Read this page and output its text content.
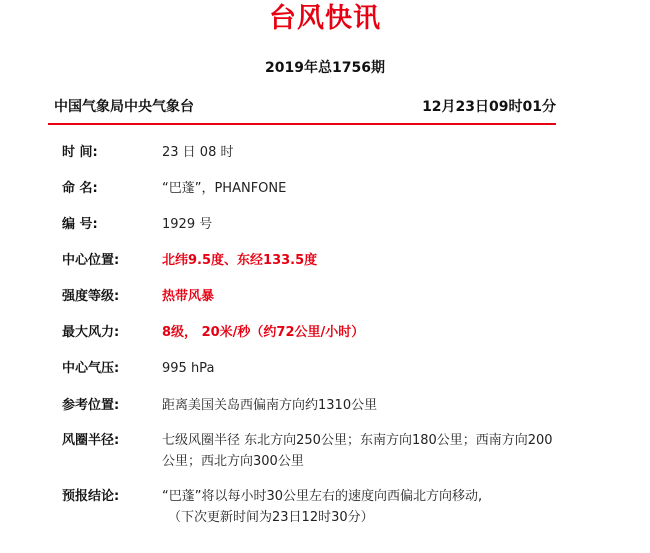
台风快讯
2019年总1756期
中国气象局中央气象台	12月23日09时01分
时 间:	23 日 08 时
命 名:	“巴蓬”，PHANFONE
编 号:	1929 号
中心位置:	北纬9.5度、东经133.5度
强度等级:	热带风暴
最大风力:	8级， 20米/秒（约72公里/小时）
中心气压:	995 hPa
参考位置:	距离美国关岛西偏南方向约1310公里
风圈半径:	七级风圈半径 东北方向250公里；东南方向180公里；西南方向200公里；西北方向300公里
预报结论:	“巴蓬”将以每小时30公里左右的速度向西偏北方向移动,
（下次更新时间为23日12时30分）
